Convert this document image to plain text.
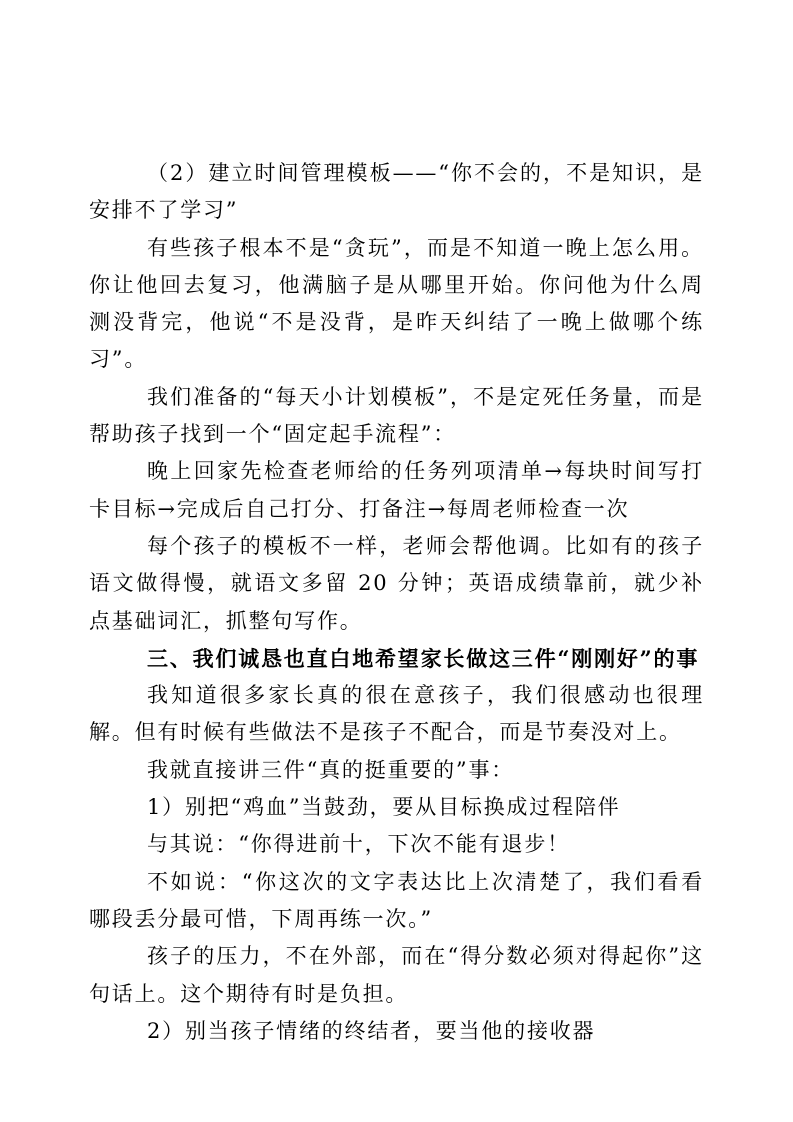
（2）建立时间管理模板——“你不会的，不是知识，是安排不了学习”

有些孩子根本不是“贪玩”，而是不知道一晚上怎么用。你让他回去复习，他满脑子是从哪里开始。你问他为什么周测没背完，他说“不是没背，是昨天纠结了一晚上做哪个练习”。

我们准备的“每天小计划模板”，不是定死任务量，而是帮助孩子找到一个“固定起手流程”：

晚上回家先检查老师给的任务列项清单→每块时间写打卡目标→完成后自己打分、打备注→每周老师检查一次

每个孩子的模板不一样，老师会帮他调。比如有的孩子语文做得慢，就语文多留 20 分钟；英语成绩靠前，就少补点基础词汇，抓整句写作。

三、我们诚恳也直白地希望家长做这三件“刚刚好”的事

我知道很多家长真的很在意孩子，我们很感动也很理解。但有时候有些做法不是孩子不配合，而是节奏没对上。

我就直接讲三件“真的挺重要的”事：

1）别把“鸡血”当鼓劲，要从目标换成过程陪伴

与其说：“你得进前十，下次不能有退步！

不如说：“你这次的文字表达比上次清楚了，我们看看哪段丢分最可惜，下周再练一次。”

孩子的压力，不在外部，而在“得分数必须对得起你”这句话上。这个期待有时是负担。

2）别当孩子情绪的终结者，要当他的接收器
